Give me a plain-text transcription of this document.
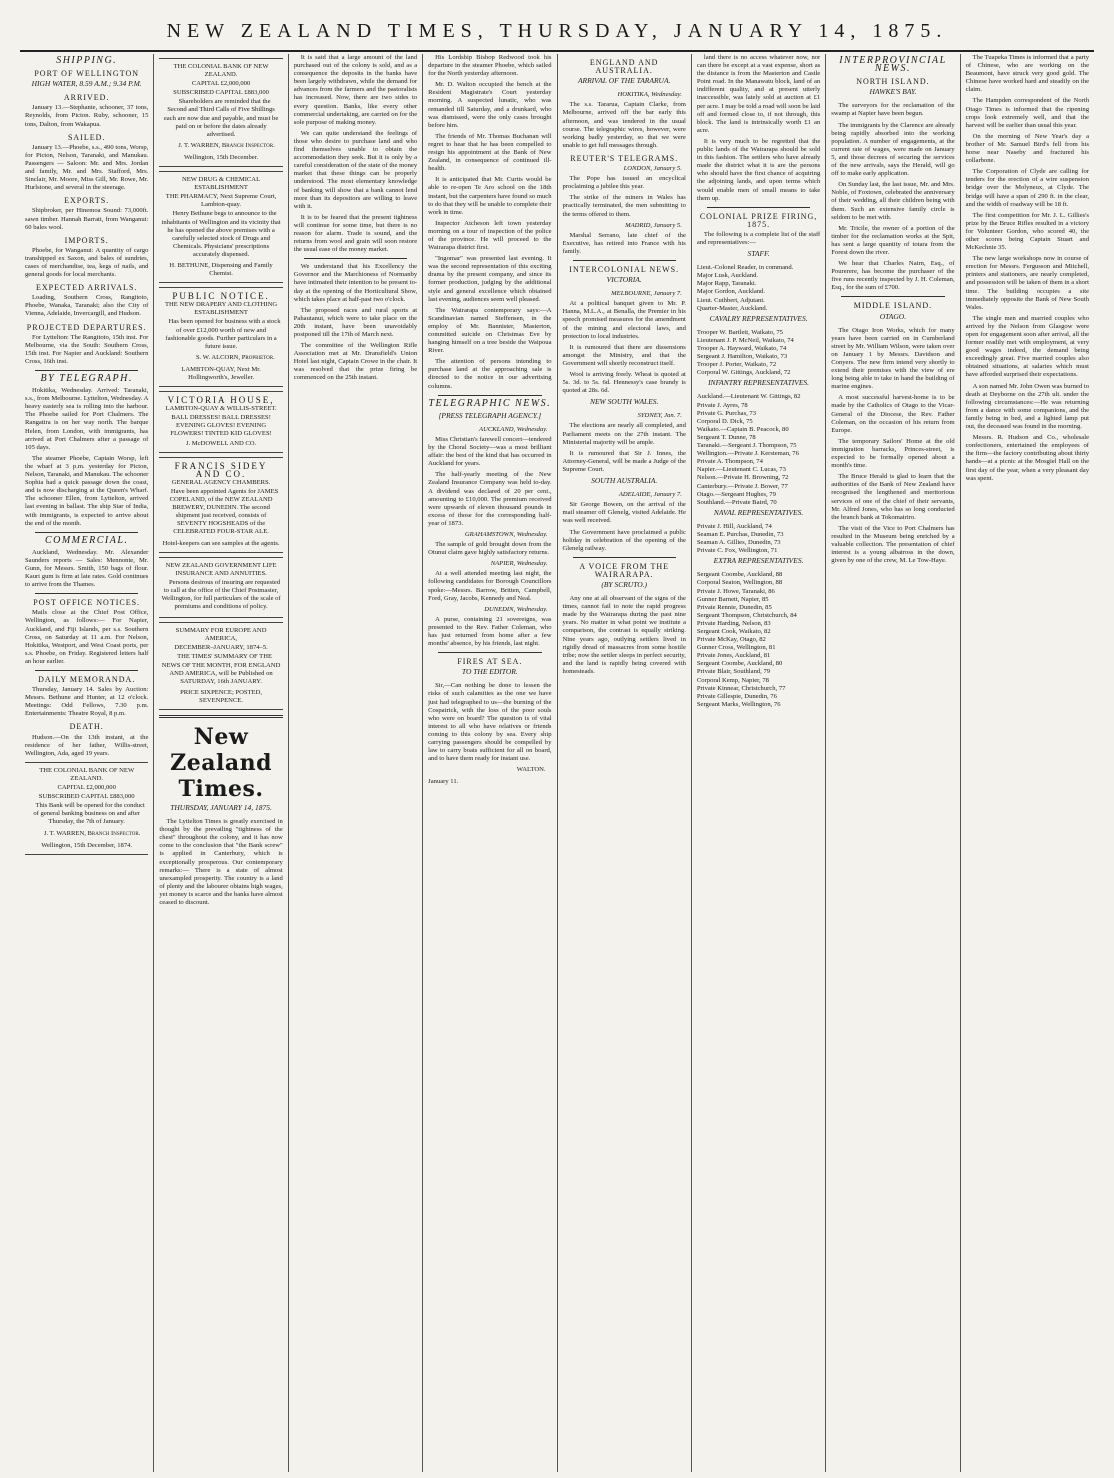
NEW ZEALAND TIMES, THURSDAY, JANUARY 14, 1875.
SHIPPING.
PORT OF WELLINGTON
HIGH WATER, 8.59 A.M.; 9.34 P.M.
ARRIVED.

January 13.—Stephanie, schooner, 37 tons, Reynolds, from Picton. Ruby, schooner, 15 tons, Dalton, from Wakapua.

SAILED.

January 13.—Phoebe, s.s., 490 tons, Worsp, for Picton, Nelson, Taranaki, and Manukau. Passengers — Saloon: Mr. and Mrs. Jordan and family, Mr. and Mrs. Stafford, Mrs. Sinclair, Mr. Moore, Miss Gill, Mr. Rowe, Mr. Hurlstone, and several in the steerage.

EXPORTS.

Shipbroker, per Hinemoa Sound: 73,000ft. sawn timber. Hannah Barratt, from Wanganui: 60 bales wool.

IMPORTS.

Phoebe, for Wanganui: A quantity of cargo transhipped ex Saxon, and bales of sundries, cases of merchandise, tea, kegs of nails, and general goods for local merchants.

EXPECTED ARRIVALS.

Loading, Southern Cross, Rangitoto, Phoebe, Wanaka, Taranaki; also the City of Vienna, Adelaide, Invercargill, and Hudson.

PROJECTED DEPARTURES.

For Lyttelton: The Rangitoto, 15th inst. For Melbourne, via the South: Southern Cross, 15th inst. For Napier and Auckland: Southern Cross, 16th inst.

BY TELEGRAPH.

Hokitika, Wednesday. Arrived: Taranaki, s.s., from Melbourne. Lyttelton, Wednesday. A heavy easterly sea is rolling into the harbour. The Phoebe sailed for Port Chalmers. The Rangatira is on her way north. The barque Helen, from London, with immigrants, has arrived at Port Chalmers after a passage of 105 days.

The steamer Phoebe, Captain Worsp, left the wharf at 3 p.m. yesterday for Picton, Nelson, Taranaki, and Manukau. The schooner Sophia had a quick passage down the coast, and is now discharging at the Queen's Wharf. The schooner Ellen, from Lyttelton, arrived last evening in ballast. The ship Star of India, with immigrants, is expected to arrive about the end of the month.

COMMERCIAL.

Auckland, Wednesday. Mr. Alexander Saunders reports — Sales: Mennonte, Mr. Gunn, for Messrs. Smith, 150 bags of flour. Kauri gum is firm at late rates. Gold continues to arrive from the Thames.

POST OFFICE NOTICES.

Mails close at the Chief Post Office, Wellington, as follows:— For Napier, Auckland, and Fiji Islands, per s.s. Southern Cross, on Saturday at 11 a.m. For Nelson, Hokitika, Westport, and West Coast ports, per s.s. Phoebe, on Friday. Registered letters half an hour earlier.

DAILY MEMORANDA.

Thursday, January 14. Sales by Auction: Messrs. Bethune and Hunter, at 12 o'clock. Meetings: Odd Fellows, 7.30 p.m. Entertainments: Theatre Royal, 8 p.m.

DEATH.

Hudson.—On the 13th instant, at the residence of her father, Willis-street, Wellington, Ada, aged 19 years.

THE COLONIAL BANK OF NEW ZEALAND.
CAPITAL £2,000,000
SUBSCRIBED CAPITAL £883,000

This Bank will be opened for the conduct of general banking business on and after Thursday, the 7th of January.

J. T. WARREN, Branch Inspector.
Wellington, 15th December, 1874.
THE COLONIAL BANK OF NEW ZEALAND.
CAPITAL £2,000,000
SUBSCRIBED CAPITAL £883,000

Shareholders are reminded that the Second and Third Calls of Five Shillings each are now due and payable, and must be paid on or before the dates already advertised.

J. T. WARREN, Branch Inspector.
Wellington, 15th December.
NEW DRUG & CHEMICAL ESTABLISHMENT
THE PHARMACY, Next Supreme Court, Lambton-quay.

Henry Bethune begs to announce to the inhabitants of Wellington and its vicinity that he has opened the above premises with a carefully selected stock of Drugs and Chemicals. Physicians' prescriptions accurately dispensed.

H. BETHUNE, Dispensing and Family Chemist.
PUBLIC NOTICE.
THE NEW DRAPERY AND CLOTHING ESTABLISHMENT

Has been opened for business with a stock of over £12,000 worth of new and fashionable goods. Further particulars in a future issue.

S. W. ALCORN, Proprietor.
LAMBTON-QUAY, Next Mr. Hollingworth's, Jeweller.
VICTORIA HOUSE,
LAMBTON-QUAY & WILLIS-STREET.
BALL DRESSES! BALL DRESSES! EVENING GLOVES! EVENING FLOWERS! TINTED KID GLOVES!
J. McDOWELL AND CO.
FRANCIS SIDEY AND CO.
GENERAL AGENCY CHAMBERS.

Have been appointed Agents for JAMES COPELAND, of the NEW ZEALAND BREWERY, DUNEDIN. The second shipment just received, consists of SEVENTY HOGSHEADS of the CELEBRATED FOUR-STAR ALE.

Hotel-keepers can see samples at the agents.
NEW ZEALAND GOVERNMENT LIFE INSURANCE AND ANNUITIES.

Persons desirous of insuring are requested to call at the office of the Chief Postmaster, Wellington, for full particulars of the scale of premiums and conditions of policy.

SUMMARY FOR EUROPE AND AMERICA,
DECEMBER–JANUARY, 1874–5.

THE TIMES' SUMMARY OF THE NEWS OF THE MONTH, FOR ENGLAND AND AMERICA, will be Published on SATURDAY, 16th JANUARY.

PRICE SIXPENCE; POSTED, SEVENPENCE.
New Zealand Times.
THURSDAY, JANUARY 14, 1875.

The Lyttelton Times is greatly exercised in thought by the prevailing "tightness of the chest" throughout the colony, and it has now come to the conclusion that "the Bank screw" is applied in Canterbury, which is exceptionally prosperous. Our contemporary remarks:— There is a state of almost unexampled prosperity. The country is a land of plenty and the labourer obtains high wages, yet money is scarce and the banks have almost ceased to discount.

It is said that a large amount of the land purchased out of the colony is sold, and as a consequence the deposits in the banks have been largely withdrawn, while the demand for advances from the farmers and the pastoralists has increased. Now, there are two sides to every question. Banks, like every other commercial undertaking, are carried on for the sole purpose of making money.

We can quite understand the feelings of those who desire to purchase land and who find themselves unable to obtain the accommodation they seek. But it is only by a careful consideration of the state of the money market that these things can be properly understood. The most elementary knowledge of banking will show that a bank cannot lend more than its depositors are willing to leave with it.

It is to be feared that the present tightness will continue for some time, but there is no reason for alarm. Trade is sound, and the returns from wool and grain will soon restore the usual ease of the money market.

We understand that his Excellency the Governor and the Marchioness of Normanby have intimated their intention to be present to-day at the opening of the Horticultural Show, which takes place at half-past two o'clock.

The proposed races and rural sports at Pahautanui, which were to take place on the 20th instant, have been unavoidably postponed till the 17th of March next.

The committee of the Wellington Rifle Association met at Mr. Dransfield's Union Hotel last night, Captain Crowe in the chair. It was resolved that the prize firing be commenced on the 25th instant.

His Lordship Bishop Redwood took his departure in the steamer Phoebe, which sailed for the North yesterday afternoon.

Mr. D. Walton occupied the bench at the Resident Magistrate's Court yesterday morning. A suspected lunatic, who was remanded till Saturday, and a drunkard, who was dismissed, were the only cases brought before him.

The friends of Mr. Thomas Buchanan will regret to hear that he has been compelled to resign his appointment at the Bank of New Zealand, in consequence of continued ill-health.

It is anticipated that Mr. Curtis would be able to re-open Te Aro school on the 18th instant, but the carpenters have found so much to do that they will be unable to complete their work in time.

Inspector Atcheson left town yesterday morning on a tour of inspection of the police of the province. He will proceed to the Wairarapa district first.

"Ingomar" was presented last evening. It was the second representation of this exciting drama by the present company, and since its former production, judging by the additional style and general excellence which obtained last evening, audiences seem well pleased.

The Wairarapa contemporary says:—A Scandinavian named Steffensen, in the employ of Mr. Bannister, Masterton, committed suicide on Christmas Eve by hanging himself on a tree beside the Waipoua River.

The attention of persons intending to purchase land at the approaching sale is directed to the notice in our advertising columns.

TELEGRAPHIC NEWS.
[PRESS TELEGRAPH AGENCY.]
AUCKLAND, Wednesday.

Miss Christian's farewell concert—tendered by the Choral Society—was a most brilliant affair: the best of the kind that has occurred in Auckland for years.

The half-yearly meeting of the New Zealand Insurance Company was held to-day. A dividend was declared of 20 per cent., amounting to £10,000. The premium received were upwards of eleven thousand pounds in excess of those for the corresponding half-year of 1873.

GRAHAMSTOWN, Wednesday.

The sample of gold brought down from the Otunui claim gave highly satisfactory returns.

NAPIER, Wednesday.

At a well attended meeting last night, the following candidates for Borough Councillors spoke:—Messrs. Barrow, Britten, Campbell, Ford, Gray, Jacobs, Kennedy and Neal.

DUNEDIN, Wednesday.

A purse, containing 21 sovereigns, was presented to the Rev. Father Coleman, who has just returned from home after a few months' absence, by his friends, last night.

FIRES AT SEA.
TO THE EDITOR.

Sir,—Can nothing be done to lessen the risks of such calamities as the one we have just had telegraphed to us—the burning of the Cospatrick, with the loss of the poor souls who were on board? The question is of vital interest to all who have relatives or friends coming to this colony by sea. Every ship carrying passengers should be compelled by law to carry boats sufficient for all on board, and to have them ready for instant use.

WALTON.
January 11.
ENGLAND AND AUSTRALIA.
ARRIVAL OF THE TARARUA.
HOKITIKA, Wednesday.

The s.s. Tararua, Captain Clarke, from Melbourne, arrived off the bar early this afternoon, and was tendered in the usual course. The telegraphic wires, however, were working badly yesterday, so that we were unable to get full messages through.

REUTER'S TELEGRAMS.
LONDON, January 5.

The Pope has issued an encyclical proclaiming a jubilee this year.

The strike of the miners in Wales has practically terminated, the men submitting to the terms offered to them.

MADRID, January 5.

Marshal Serrano, late chief of the Executive, has retired into France with his family.

INTERCOLONIAL NEWS.
VICTORIA.
MELBOURNE, January 7.

At a political banquet given to Mr. P. Hanna, M.L.A., at Benalla, the Premier in his speech promised measures for the amendment of the mining and electoral laws, and protection to local industries.

It is rumoured that there are dissensions amongst the Ministry, and that the Government will shortly reconstruct itself.

Wool is arriving freely. Wheat is quoted at 5s. 3d. to 5s. 6d. Hennessy's case brandy is quoted at 28s. 6d.

NEW SOUTH WALES.
SYDNEY, Jan. 7.

The elections are nearly all completed, and Parliament meets on the 27th instant. The Ministerial majority will be ample.

It is rumoured that Sir J. Innes, the Attorney-General, will be made a Judge of the Supreme Court.

SOUTH AUSTRALIA.
ADELAIDE, January 7.

Sir George Bowen, on the arrival of the mail steamer off Glenelg, visited Adelaide. He was well received.

The Government have proclaimed a public holiday in celebration of the opening of the Glenelg railway.

A VOICE FROM THE WAIRARAPA.
(BY SCRUTO.)

Any one at all observant of the signs of the times, cannot fail to note the rapid progress made by the Wairarapa during the past nine years. No matter in what point we institute a comparison, the contrast is equally striking. Nine years ago, outlying settlers lived in rigidly dread of massacres from some hostile tribe; now the settler sleeps in perfect security, and the land is rapidly being covered with homesteads.

land there is no access whatever now, nor can there be except at a vast expense, short as the distance is from the Masterton and Castle Point road. In the Manawatu block, land of an indifferent quality, and at present utterly inaccessible, was lately sold at auction at £1 per acre. I may be told a road will soon be laid off and formed close to, if not through, this block. The land is intrinsically worth £1 an acre.

It is very much to be regretted that the public lands of the Wairarapa should be sold in this fashion. The settlers who have already made the district what it is are the persons who should have the first chance of acquiring the adjoining lands, and upon terms which would enable men of small means to take them up.

COLONIAL PRIZE FIRING, 1875.

The following is a complete list of the staff and representatives:—

STAFF.
Lieut.-Colonel Reader, in command.
Major Lusk, Auckland.
Major Rapp, Taranaki.
Major Gordon, Auckland.
Lieut. Cuthbert, Adjutant.
Quarter-Master, Auckland.
CAVALRY REPRESENTATIVES.
Trooper W. Bartlett, Waikato, 75
Lieutenant J. P. McNeil, Waikato, 74
Trooper A. Hayward, Waikato, 74
Sergeant J. Hamilton, Waikato, 73
Trooper J. Porter, Waikato, 72
Corporal W. Gittings, Auckland, 72
INFANTRY REPRESENTATIVES.
Auckland.—Lieutenant W. Gittings, 82
Private J. Ayres, 78
Private G. Purchas, 73
Corporal D. Dick, 75
Waikato.—Captain B. Peacock, 80
Sergeant T. Dunne, 78
Taranaki.—Sergeant J. Thompson, 75
Wellington.—Private J. Kersteman, 76
Private A. Thompson, 74
Napier.—Lieutenant C. Lucas, 73
Nelson.—Private H. Browning, 72
Canterbury.—Private J. Bower, 77
Otago.—Sergeant Hughes, 79
Southland.—Private Baird, 70
NAVAL REPRESENTATIVES.
Private J. Hill, Auckland, 74
Seaman E. Purchas, Dunedin, 73
Seaman A. Gillies, Dunedin, 73
Private C. Fox, Wellington, 71
EXTRA REPRESENTATIVES.
Sergeant Coombe, Auckland, 88
Corporal Seaton, Wellington, 88
Private J. Howe, Taranaki, 86
Gunner Barnett, Napier, 85
Private Rennie, Dunedin, 85
Sergeant Thompson, Christchurch, 84
Private Harding, Nelson, 83
Sergeant Cook, Waikato, 82
Private McKay, Otago, 82
Gunner Cross, Wellington, 81
Private Jones, Auckland, 81
Sergeant Coombe, Auckland, 80
Private Blair, Southland, 79
Corporal Kemp, Napier, 78
Private Kinnear, Christchurch, 77
Private Gillespie, Dunedin, 76
Sergeant Marks, Wellington, 76
INTERPROVINCIAL NEWS.
NORTH ISLAND.
HAWKE'S BAY.

The surveyors for the reclamation of the swamp at Napier have been begun.

The immigrants by the Clarence are already being rapidly absorbed into the working population. A number of engagements, at the current rate of wages, were made on January 5, and those decrees of securing the services of the new arrivals, says the Herald, will go off to make early application.

On Sunday last, the last issue, Mr. and Mrs. Noble, of Foxtown, celebrated the anniversary of their wedding, all their children being with them. Such an extensive family circle is seldom to be met with.

Mr. Tricile, the owner of a portion of the timber for the reclamation works at the Spit, has sent a large quantity of totara from the Forest down the river.

We hear that Charles Nairn, Esq., of Pourerere, has become the purchaser of the five runs recently inspected by J. H. Coleman, Esq., for the sum of £700.

MIDDLE ISLAND.
OTAGO.

The Otago Iron Works, which for many years have been carried on in Cumberland street by Mr. William Wilson, were taken over on January 1 by Messrs. Davidson and Conyers. The new firm intend very shortly to extend their premises with the view of ere long being able to take in hand the building of marine engines.

A most successful harvest-home is to be made by the Catholics of Otago to the Vicar-General of the Diocese, the Rev. Father Coleman, on the occasion of his return from Europe.

The temporary Sailors' Home at the old immigration barracks, Princes-street, is expected to be formally opened about a month's time.

The Bruce Herald is glad to learn that the authorities of the Bank of New Zealand have recognised the lengthened and meritorious services of one of the chief of their servants, Mr. Alfred Jones, who has so long conducted the branch bank at Tokomairiro.

The visit of the Vice to Port Chalmers has resulted in the Museum being enriched by a valuable collection. The presentation of chief interest is a young albatross in the down, given by one of the crew, M. Le Tow-Haye.

The Tuapeka Times is informed that a party of Chinese, who are working on the Beaumont, have struck very good gold. The Chinese have worked hard and steadily on the claim.

The Hampden correspondent of the North Otago Times is informed that the ripening crops look extremely well, and that the harvest will be earlier than usual this year.

On the morning of New Year's day a brother of Mr. Samuel Bird's fell from his horse near Naseby and fractured his collarbone.

The Corporation of Clyde are calling for tenders for the erection of a wire suspension bridge over the Molyneux, at Clyde. The bridge will have a span of 290 ft. in the clear, and the width of roadway will be 18 ft.

The first competition for Mr. J. L. Gillies's prize by the Bruce Rifles resulted in a victory for Volunteer Gordon, who scored 40, the other scores being Captain Stuart and McKechnie 35.

The new large workshops now in course of erection for Messrs. Fergusson and Mitchell, printers and stationers, are nearly completed, and possession will be taken of them in a short time. The building occupies a site immediately opposite the Bank of New South Wales.

The single men and married couples who arrived by the Nelson from Glasgow were open for engagement soon after arrival, all the former readily met with employment, at very good wages indeed, the demand being exceedingly great. Five married couples also obtained situations, at salaries which must have afforded surprised their expectations.

A son named Mr. John Owen was burned to death at Deyborne on the 27th ult. under the following circumstances:—He was returning from a dance with some companions, and the family being in bed, and a lighted lamp put out, the deceased was found in the morning.

Messrs. R. Hudson and Co., wholesale confectioners, entertained the employees of the firm—the factory contributing about thirty hands—at a picnic at the Mosgiel Hall on the first day of the year, when a very pleasant day was spent.
